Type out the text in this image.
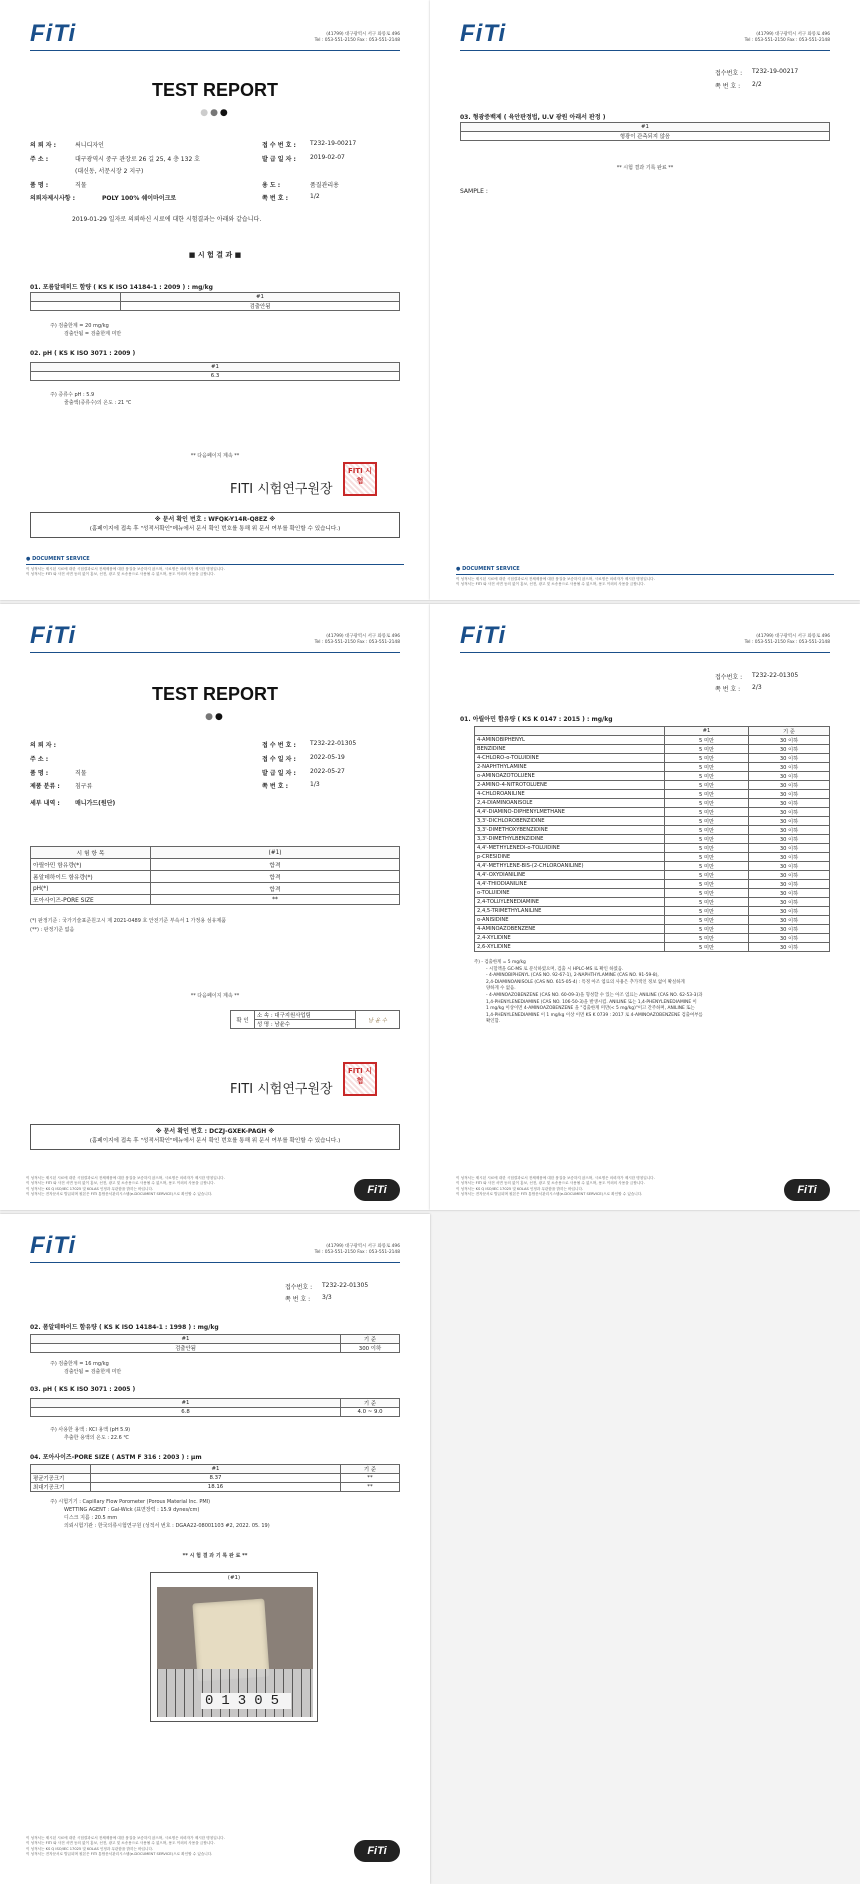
FiTi	(41799) 대구광역시 서구 와룡로 496
Tel : 053-551-2150 Fax : 053-551-2148
TEST REPORT
●●●
의 뢰 자 :	써니디자인
주 소 :	대구광역시 중구 관장로 26 길 25, 4 층 132 호
(대신동, 서문시장 2 지구)
품 명 :	직물
의뢰자제시사항 :	POLY 100% 쉐이마이크로
접 수 번 호 : T232-19-00217
발 급 일 자 : 2019-02-07
용 도 :	품질관리용
쪽 번 호 :	1/2
2019-01-29 일자로 의뢰하신 시료에 대한 시험결과는 아래와 같습니다.
■ 시 험 결 과 ■
01. 포름알데히드 함량 ( KS K ISO 14184-1 : 2009 ) : mg/kg
	#1
	검출안됨
주) 검출한계 = 20 mg/kg
검출안됨 = 검출한계 미만
02. pH ( KS K ISO 3071 : 2009 )
#1
6.3
주) 증류수 pH : 5.9
줄출액(증류수)의 온도 : 21 ℃
** 다음페이지 계속 **
FITI 시험연구원장
FITI 시험
※ 문서 확인 번호 : WFQK-Y14R-Q8EZ ※
(홈페이지에 접속 후 "성적서확인"메뉴에서 문서 확인 번호를 통해 위 문서 여부를 확인할 수 있습니다.)
● DOCUMENT SERVICE
이 성적서는 제시된 시료에 대한 시험결과로서 전체제품에 대한 품질을 보증하지 않으며, 시료명은 의뢰자가 제시한 명칭입니다.
이 성적서는 FITI 와 사전 서면 동의 없이 홍보, 선전, 광고 및 소송용으로 사용될 수 없으며, 용도 이외의 사용을 금합니다.
FiTi	(41799) 대구광역시 서구 와룡로 496
Tel : 053-551-2150 Fax : 053-551-2148
접수번호 : T232-19-00217
쪽 번 호 : 2/2
03. 형광증백제 ( 육안판정법, U.V 광원 아래서 판정 )
#1
형광이 관측되지 않음
** 시험 결과 기록 완료 **
SAMPLE :
● DOCUMENT SERVICE
이 성적서는 제시된 시료에 대한 시험결과로서 전체제품에 대한 품질을 보증하지 않으며, 시료명은 의뢰자가 제시한 명칭입니다.
이 성적서는 FITI 와 사전 서면 동의 없이 홍보, 선전, 광고 및 소송용으로 사용될 수 없으며, 용도 이외의 사용을 금합니다.
FiTi	(41799) 대구광역시 서구 와룡로 496
Tel : 053-551-2150 Fax : 053-551-2148
TEST REPORT
●●
의 뢰 자 :
주 소 :
품 명 :	직물
제품 분류 :	침구류
세부 내역 :	매니가드(원단)
접 수 번 호 : T232-22-01305
접 수 일 자 : 2022-05-19
발 급 일 자 : 2022-05-27
쪽 번 호 :	1/3
시 험 항 목	(#1)
아릴아민 함유량(*)	합격
폼알데하이드 함유량(*)	합격
pH(*)	합격
포아사이즈-PORE SIZE	**
(*) 판정기준 : 국가기술표준원고시 제 2021-0489 호 안전기준 부속서 1 가정용 섬유제품
(**) : 판정기준 없음
** 다음페이지 계속 **
확 인	소 속 : 대구지원사업팀	남 윤 수
성 명 : 남윤수
FITI 시험연구원장
FITI 시험
※ 문서 확인 번호 : DCZJ-GXEK-PAGH ※
(홈페이지에 접속 후 "성적서확인"메뉴에서 문서 확인 번호를 통해 위 문서 여부를 확인할 수 있습니다.)
이 성적서는 제시된 시료에 대한 시험결과로서 전체제품에 대한 품질을 보증하지 않으며, 시료명은 의뢰자가 제시한 명칭입니다.
이 성적서는 FITI 와 사전 서면 동의 없이 홍보, 선전, 광고 및 소송용으로 사용될 수 없으며, 용도 이외의 사용을 금합니다.
이 성적서는 KS Q ISO/IEC 17025 및 KOLAS 인정과 무관함을 밝히는 바입니다.
이 성적서는 전자문서로 발급되며 원본은 FITI 통합문서관리시스템(e-DOCUMENT SERVICE)으로 확인할 수 있습니다.	FiTi
FiTi	(41799) 대구광역시 서구 와룡로 496
Tel : 053-551-2150 Fax : 053-551-2148
접수번호 : T232-22-01305
쪽 번 호 : 2/3
01. 아릴아민 함유량 ( KS K 0147 : 2015 ) : mg/kg
	#1	기 준
4-AMINOBIPHENYL	5 미만	30 이하
BENZIDINE	5 미만	30 이하
4-CHLORO-o-TOLUIDINE	5 미만	30 이하
2-NAPHTHYLAMINE	5 미만	30 이하
o-AMINOAZOTOLUENE	5 미만	30 이하
2-AMINO-4-NITROTOLUENE	5 미만	30 이하
4-CHLOROANILINE	5 미만	30 이하
2,4-DIAMINOANISOLE	5 미만	30 이하
4,4'-DIAMINO-DIPHENYLMETHANE	5 미만	30 이하
3,3'-DICHLOROBENZIDINE	5 미만	30 이하
3,3'-DIMETHOXYBENZIDINE	5 미만	30 이하
3,3'-DIMETHYLBENZIDINE	5 미만	30 이하
4,4'-METHYLENEDI-o-TOLUIDINE	5 미만	30 이하
p-CRESIDINE	5 미만	30 이하
4,4'-METHYLENE-BIS-(2-CHLOROANILINE)	5 미만	30 이하
4,4'-OXYDIANILINE	5 미만	30 이하
4,4'-THIODIANILINE	5 미만	30 이하
o-TOLUIDINE	5 미만	30 이하
2,4-TOLUYLENEDIAMINE	5 미만	30 이하
2,4,5-TRIMETHYLANILINE	5 미만	30 이하
o-ANISIDINE	5 미만	30 이하
4-AMINOAZOBENZENE	5 미만	30 이하
2,4-XYLIDINE	5 미만	30 이하
2,6-XYLIDINE	5 미만	30 이하
주) - 검출한계 = 5 mg/kg
- 시험액을 GC-MS 로 분석하였으며, 검출 시 HPLC-MS 로 확인 하였음.
- 4-AMINOBIPHENYL (CAS NO. 92-67-1), 2-NAPHTHYLAMINE (CAS NO. 91-59-8),
2,4-DIAMINOANISOLE (CAS NO. 615-05-4) : 특정 아조 염료의 사용은 추가적인 정보 없이 확실하게
양하게 수 없음.
- 4-AMINOAZOBENZENE (CAS NO. 60-09-3)을 형성할 수 있는 아조 염료는 ANILINE (CAS NO. 62-53-3)과
1,4-PHENYLENEDIAMINE (CAS NO. 106-50-3)을 발생시킴. ANILINE 또는 1,4-PHENYLENEDIAMINE 이
1 mg/kg 이상이면 4-AMINOAZOBENZENE 을 "검출한계 미만(< 5 mg/kg)"이고 간주하며, ANILINE 또는
1,4-PHENYLENEDIAMINE 이 1 mg/kg 이상 이면 KS K 0739 : 2017 로 4-AMINOAZOBENZENE 검출여부를
확인함.
이 성적서는 제시된 시료에 대한 시험결과로서 전체제품에 대한 품질을 보증하지 않으며, 시료명은 의뢰자가 제시한 명칭입니다.
이 성적서는 FITI 와 사전 서면 동의 없이 홍보, 선전, 광고 및 소송용으로 사용될 수 없으며, 용도 이외의 사용을 금합니다.
이 성적서는 KS Q ISO/IEC 17025 및 KOLAS 인정과 무관함을 밝히는 바입니다.
이 성적서는 전자문서로 발급되며 원본은 FITI 통합문서관리시스템(e-DOCUMENT SERVICE)으로 확인할 수 있습니다.	FiTi
FiTi	(41799) 대구광역시 서구 와룡로 496
Tel : 053-551-2150 Fax : 053-551-2148
접수번호 : T232-22-01305
쪽 번 호 : 3/3
02. 폼알데하이드 함유량 ( KS K ISO 14184-1 : 1998 ) : mg/kg
#1	기 준
검출안됨	300 이하
주) 검출한계 = 16 mg/kg
검출안됨 = 검출한계 미만
03. pH ( KS K ISO 3071 : 2005 )
#1	기 준
6.8	4.0 ~ 9.0
주) 사용한 용액 : KCl 용액 (pH 5.9)
추출한 용액의 온도 : 22.6 ℃
04. 포아사이즈-PORE SIZE ( ASTM F 316 : 2003 ) : µm
	#1	기 준
평균기공크기	8.37	**
최대기공크기	18.16	**
주) 시험기기 : Capillary Flow Porometer (Porous Material Inc. PMI)
WETTING AGENT : Gal-Wick (표면장력 : 15.9 dynes/cm)
디스크 지름 : 20.5 mm
의뢰시험기관 : 한국의류시험연구원 (성적서 번호 : DGAA22-08001103 #2, 2022. 05. 19)
** 시 험 결 과 기 록 완 료 **
(#1)
01305
이 성적서는 제시된 시료에 대한 시험결과로서 전체제품에 대한 품질을 보증하지 않으며, 시료명은 의뢰자가 제시한 명칭입니다.
이 성적서는 FITI 와 사전 서면 동의 없이 홍보, 선전, 광고 및 소송용으로 사용될 수 없으며, 용도 이외의 사용을 금합니다.
이 성적서는 KS Q ISO/IEC 17025 및 KOLAS 인정과 무관함을 밝히는 바입니다.
이 성적서는 전자문서로 발급되며 원본은 FITI 통합문서관리시스템(e-DOCUMENT SERVICE)으로 확인할 수 있습니다.	FiTi
